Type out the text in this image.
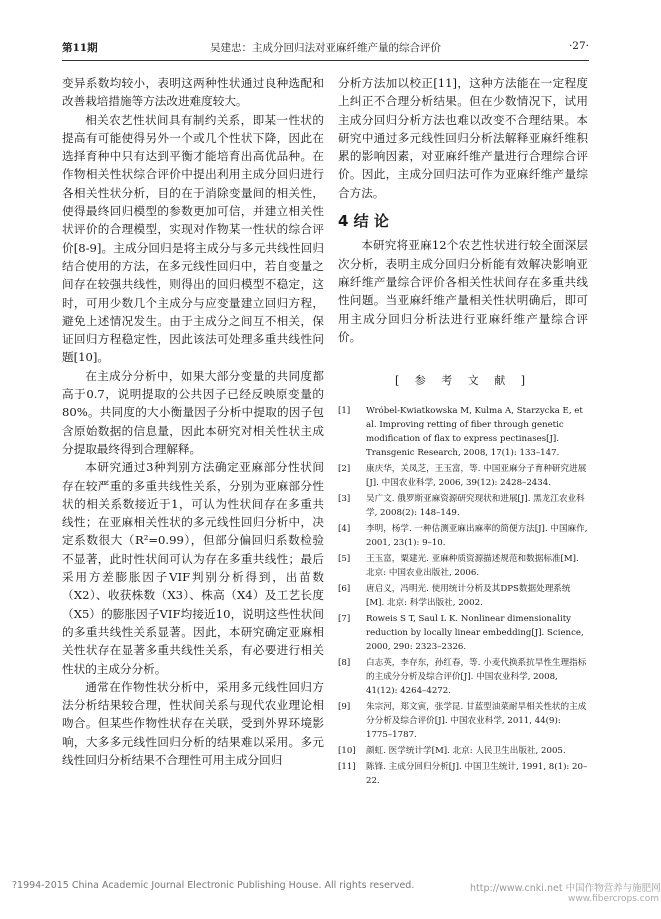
第11期	吴建忠：主成分回归法对亚麻纤维产量的综合评价	·27·

变异系数均较小，表明这两种性状通过良种选配和改善栽培措施等方法改进难度较大。

相关农艺性状间具有制约关系，即某一性状的提高有可能使得另外一个或几个性状下降，因此在选择育种中只有达到平衡才能培育出高优品种。在作物相关性状综合评价中提出利用主成分回归进行各相关性状分析，目的在于消除变量间的相关性，使得最终回归模型的参数更加可信，并建立相关性状评价的合理模型，实现对作物某一性状的综合评价[8-9]。主成分回归是将主成分与多元共线性回归结合使用的方法，在多元线性回归中，若自变量之间存在较强共线性，则得出的回归模型不稳定，这时，可用少数几个主成分与应变量建立回归方程，避免上述情况发生。由于主成分之间互不相关，保证回归方程稳定性，因此该法可处理多重共线性问题[10]。

在主成分分析中，如果大部分变量的共同度都高于0.7，说明提取的公共因子已经反映原变量的80%。共同度的大小衡量因子分析中提取的因子包含原始数据的信息量，因此本研究对相关性状主成分提取最终得到合理解释。

本研究通过3种判别方法确定亚麻部分性状间存在较严重的多重共线性关系，分别为亚麻部分性状的相关系数接近于1，可认为性状间存在多重共线性；在亚麻相关性状的多元线性回归分析中，决定系数很大（R²=0.99），但部分偏回归系数检验不显著，此时性状间可认为存在多重共线性；最后采用方差膨胀因子VIF判别分析得到，出苗数（X2）、收获株数（X3）、株高（X4）及工艺长度（X5）的膨胀因子VIF均接近10，说明这些性状间的多重共线性关系显著。因此，本研究确定亚麻相关性状存在显著多重共线性关系，有必要进行相关性状的主成分分析。

通常在作物性状分析中，采用多元线性回归方法分析结果较合理，性状间关系与现代农业理论相吻合。但某些作物性状存在关联，受到外界环境影响，大多多元线性回归分析的结果难以采用。多元线性回归分析结果不合理性可用主成分回归

分析方法加以校正[11]，这种方法能在一定程度上纠正不合理分析结果。但在少数情况下，试用主成分回归分析方法也难以改变不合理结果。本研究中通过多元线性回归分析法解释亚麻纤维积累的影响因素，对亚麻纤维产量进行合理综合评价。因此，主成分回归法可作为亚麻纤维产量综合方法。

4 结 论

本研究将亚麻12个农艺性状进行较全面深层次分析，表明主成分回归分析能有效解决影响亚麻纤维产量综合评价各相关性状间存在多重共线性问题。当亚麻纤维产量相关性状明确后，即可用主成分回归分析法进行亚麻纤维产量综合评价。

[ 参 考 文 献 ]
[1] Wróbel-Kwiatkowska M, Kulma A, Starzycka E, et al. Improving retting of fiber through genetic modification of flax to express pectinases[J]. Transgenic Research, 2008, 17(1): 133–147.
[2] 康庆华，关凤芝，王玉富，等. 中国亚麻分子育种研究进展[J]. 中国农业科学, 2006, 39(12): 2428–2434.
[3] 吴广文. 俄罗斯亚麻资源研究现状和进展[J]. 黑龙江农业科学, 2008(2): 148–149.
[4] 李明，杨学. 一种估测亚麻出麻率的简便方法[J]. 中国麻作, 2001, 23(1): 9–10.
[5] 王玉富，粟建光. 亚麻种质资源描述规范和数据标准[M]. 北京: 中国农业出版社, 2006.
[6] 唐启义，冯明光. 使用统计分析及其DPS数据处理系统[M]. 北京: 科学出版社, 2002.
[7] Roweis S T, Saul L K. Nonlinear dimensionality reduction by locally linear embedding[J]. Science, 2000, 290: 2323–2326.
[8] 白志英，李存东，孙红春，等. 小麦代换系抗旱性生理指标的主成分分析及综合评价[J]. 中国农业科学, 2008, 41(12): 4264–4272.
[9] 朱宗河，郑文寅，张学昆. 甘蓝型油菜耐旱相关性状的主成分分析及综合评价[J]. 中国农业科学, 2011, 44(9): 1775–1787.
[10] 颜虹. 医学统计学[M]. 北京: 人民卫生出版社, 2005.
[11] 陈锋. 主成分回归分析[J]. 中国卫生统计, 1991, 8(1): 20–22.
?1994-2015 China Academic Journal Electronic Publishing House. All rights reserved.	http://www.cnki.net 中国作物营养与施肥网
www.fibercrops.com
